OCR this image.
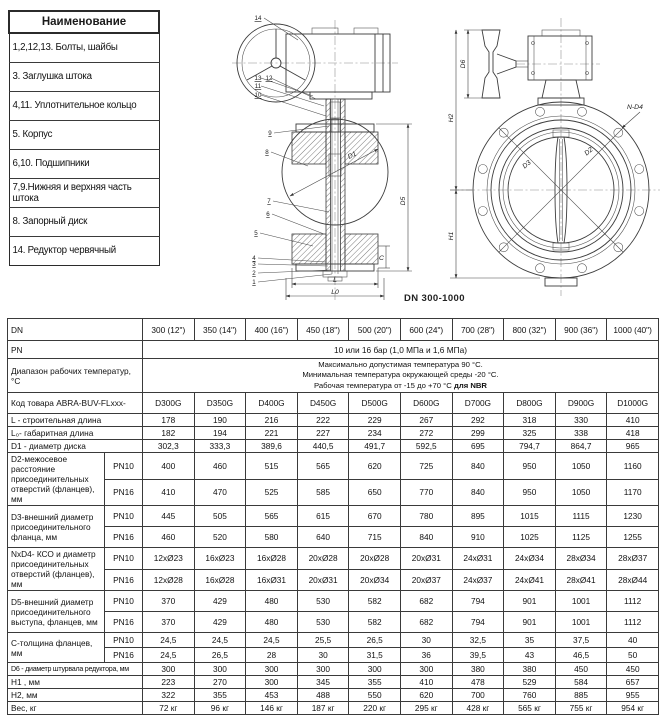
Наименование
1,2,12,13. Болты, шайбы
3. Заглушка штока
4,11. Уплотнительное кольцо
5. Корпус
6,10. Подшипники
7,9.Нижняя и верхняя часть штока
8. Запорный диск
14. Редуктор червячный
D1
D5
C
L
L0
14
13 12
11
10
9
8
7
6
5
4
3
2
1
D3
D2
N-D4
D6
H2
H1
DN 300-1000
DN		300 (12")	350 (14")	400 (16")	450 (18")	500 (20")	600 (24")	700 (28")	800 (32")	900 (36")	1000 (40")
PN		10 или 16 бар (1,0 МПа и 1,6 МПа)									
Диапазон рабочих температур, °С		Максимально допустимая температура 90 °С.
Минимальная температура окружающей среды -20 °С.
Рабочая температура от -15 до +70 °С для NBR									
Код товара ABRA-BUV-FLxxx-		D300G	D350G	D400G	D450G	D500G	D600G	D700G	D800G	D900G	D1000G
L - строительная длина		178	190	216	222	229	267	292	318	330	410
L₀- габаритная длина		182	194	221	227	234	272	299	325	338	418
D1 - диаметр диска		302,3	333,3	389,6	440,5	491,7	592,5	695	794,7	864,7	965
D2-межосевое расстояние присоединительных отверстий (фланцев), мм	PN10	400	460	515	565	620	725	840	950	1050	1160
	PN16	410	470	525	585	650	770	840	950	1050	1170
D3-внешний диаметр присоединительного фланца, мм	PN10	445	505	565	615	670	780	895	1015	1115	1230
	PN16	460	520	580	640	715	840	910	1025	1125	1255
NxD4- КСО и диаметр присоединительных отверстий (фланцев), мм	PN10	12xØ23	16xØ23	16xØ28	20xØ28	20xØ28	20xØ31	24xØ31	24xØ34	28xØ34	28xØ37
	PN16	12xØ28	16xØ28	16xØ31	20xØ31	20xØ34	20xØ37	24xØ37	24xØ41	28xØ41	28xØ44
D5-внешний диаметр присоединительного выступа, фланцев, мм	PN10	370	429	480	530	582	682	794	901	1001	1112
	PN16	370	429	480	530	582	682	794	901	1001	1112
С-толщина фланцев, мм	PN10	24,5	24,5	24,5	25,5	26,5	30	32,5	35	37,5	40
	PN16	24,5	26,5	28	30	31,5	36	39,5	43	46,5	50
D6 - диаметр штурвала редуктора, мм		300	300	300	300	300	300	380	380	450	450
H1 , мм		223	270	300	345	355	410	478	529	584	657
H2, мм		322	355	453	488	550	620	700	760	885	955
Вес, кг		72 кг	96 кг	146 кг	187 кг	220 кг	295 кг	428 кг	565 кг	755 кг	954 кг
